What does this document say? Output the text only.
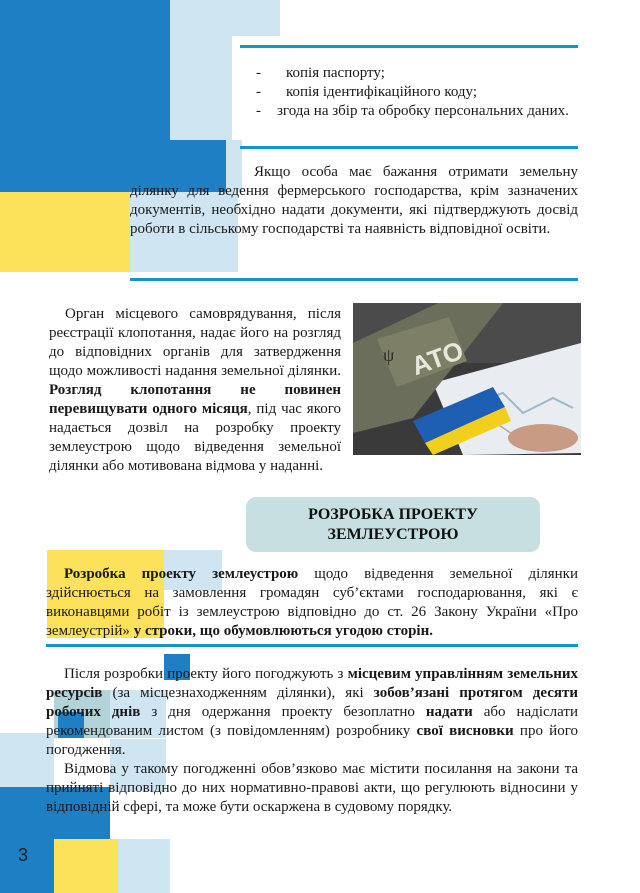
-	копія паспорту;
-	копія ідентифікаційного коду;
- згода на збір та обробку персональних даних.
Якщо особа має бажання отримати земельну ділянку для ведення фермерського господарства, крім зазначених документів, необхідно надати документи, які підтверджують досвід роботи в сільському господарстві та наявність відповідної освіти.
Орган місцевого самоврядування, після реєстрації клопотання, надає його на розгляд до відповідних органів для затвердження щодо можливості надання земельної ділянки. Розгляд клопотання не повинен перевищувати одного місяця, під час якого надається дозвіл на розробку проекту землеустрою щодо відведення земельної ділянки або мотивована відмова у наданні.
ψ АТО
РОЗРОБКА ПРОЕКТУ ЗЕМЛЕУСТРОЮ
Розробка проекту землеустрою щодо відведення земельної ділянки здійснюється на замовлення громадян суб’єктами господарювання, які є виконавцями робіт із землеустрою відповідно до ст. 26 Закону України «Про землеустрій» у строки, що обумовлюються угодою сторін.
Після розробки проекту його погоджують з місцевим управлінням земельних ресурсів (за місцезнаходженням ділянки), які зобов’язані протягом десяти робочих днів з дня одержання проекту безоплатно надати або надіслати рекомендованим листом (з повідомленням) розробнику свої висновки про його погодження.
Відмова у такому погодженні обов’язково має містити посилання на закони та прийняті відповідно до них нормативно-правові акти, що регулюють відносини у відповідній сфері, та може бути оскаржена в судовому порядку.
3
